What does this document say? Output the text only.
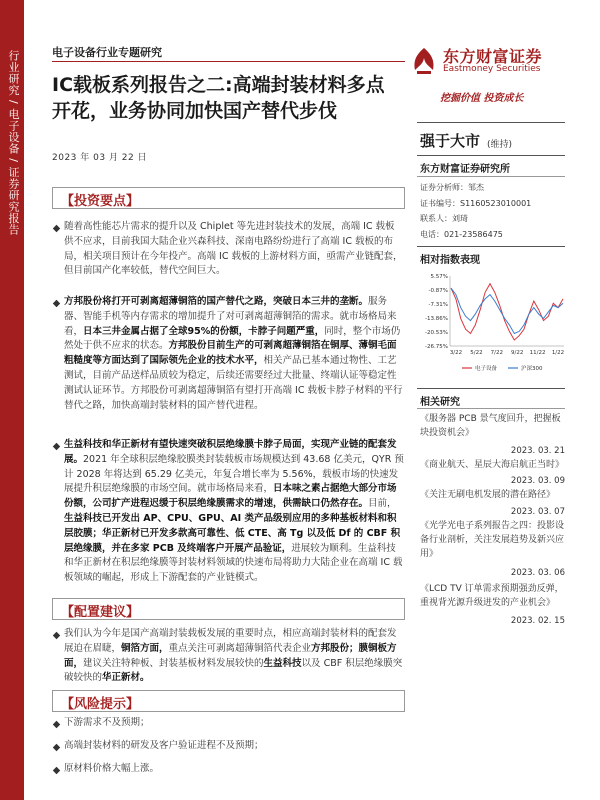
行业研究 / 电子设备 / 证券研究报告	电子设备行业专题研究	东方财富证券
Eastmoney Securities
挖掘价值 投资成长
IC载板系列报告之二:高端封装材料多点开花，业务协同加快国产替代步伐
2023 年 03 月 22 日
【投资要点】
随着高性能芯片需求的提升以及 Chiplet 等先进封装技术的发展，高端 IC 载板供不应求，目前我国大陆企业兴森科技、深南电路纷纷进行了高端 IC 载板的布局，相关项目预计在今年投产。高端 IC 载板的上游材料方面，亟需产业链配套，但目前国产化率较低，替代空间巨大。
方邦股份将打开可剥离超薄铜箔的国产替代之路，突破日本三井的垄断。服务器、智能手机等内存需求的增加提升了对可剥离超薄铜箔的需求。就市场格局来看，日本三井金属占据了全球95%的份额，卡脖子问题严重，同时，整个市场仍然处于供不应求的状态。方邦股份目前生产的可剥离超薄铜箔在铜厚、薄铜毛面粗糙度等方面达到了国际领先企业的技术水平，相关产品已基本通过物性、工艺测试，目前产品送样品质较为稳定，后续还需要经过大批量、终端认证等稳定性测试认证环节。方邦股份可剥离超薄铜箔有望打开高端 IC 载板卡脖子材料的平行替代之路，加快高端封装材料的国产替代进程。
生益科技和华正新材有望快速突破积层绝缘膜卡脖子局面，实现产业链的配套发展。2021 年全球积层绝缘胶膜类封装载板市场规模达到 43.68 亿美元，QYR 预计 2028 年将达到 65.29 亿美元，年复合增长率为 5.56%，载板市场的快速发展提升积层绝缘膜的市场空间。就市场格局来看，日本味之素占据绝大部分市场份额，公司扩产进程迟缓于积层绝缘膜需求的增速，供需缺口仍然存在。目前，生益科技已开发出 AP、CPU、GPU、AI 类产品级别应用的多种基板材料和积层胶膜；华正新材已开发多款高可靠性、低 CTE、高 Tg 以及低 Df 的 CBF 积层绝缘膜，并在多家 PCB 及终端客户开展产品验证，进展较为顺利。生益科技和华正新材在积层绝缘膜等封装材料领域的快速布局将助力大陆企业在高端 IC 载板领域的崛起，形成上下游配套的产业链模式。
【配置建议】
我们认为今年是国产高端封装载板发展的重要时点，相应高端封装材料的配套发展迫在眉睫，铜箔方面，重点关注可剥离超薄铜箔代表企业方邦股份；膜铜板方面，建议关注特种板、封装基板材料发展较快的生益科技以及 CBF 积层绝缘膜突破较快的华正新材。
【风险提示】
下游需求不及预期；
高端封装材料的研发及客户验证进程不及预期；
原材料价格大幅上涨。
强于大市 (维持)
东方财富证券研究所
证券分析师：邹杰
证书编号：S1160523010001
联系人：刘琦
电话：021-23586475
相对指数表现
5.57%
-0.87%
-7.31%
-13.86%
-20.53%
-26.75%
3/22 5/22 7/22 9/22 11/22 1/22
电子设备	沪深300
相关研究
《服务器 PCB 景气度回升，把握板块投资机会》
2023. 03. 21
《商业航天、星辰大海启航正当时》
2023. 03. 09
《关注无刷电机发展的潜在路径》
2023. 03. 07
《光学光电子系列报告之四：投影设备行业剖析，关注发展趋势及新兴应用》
2023. 03. 06
《LCD TV 订单需求预期强劲反弹，重视背光源升级迸发的产业机会》
2023. 02. 15
